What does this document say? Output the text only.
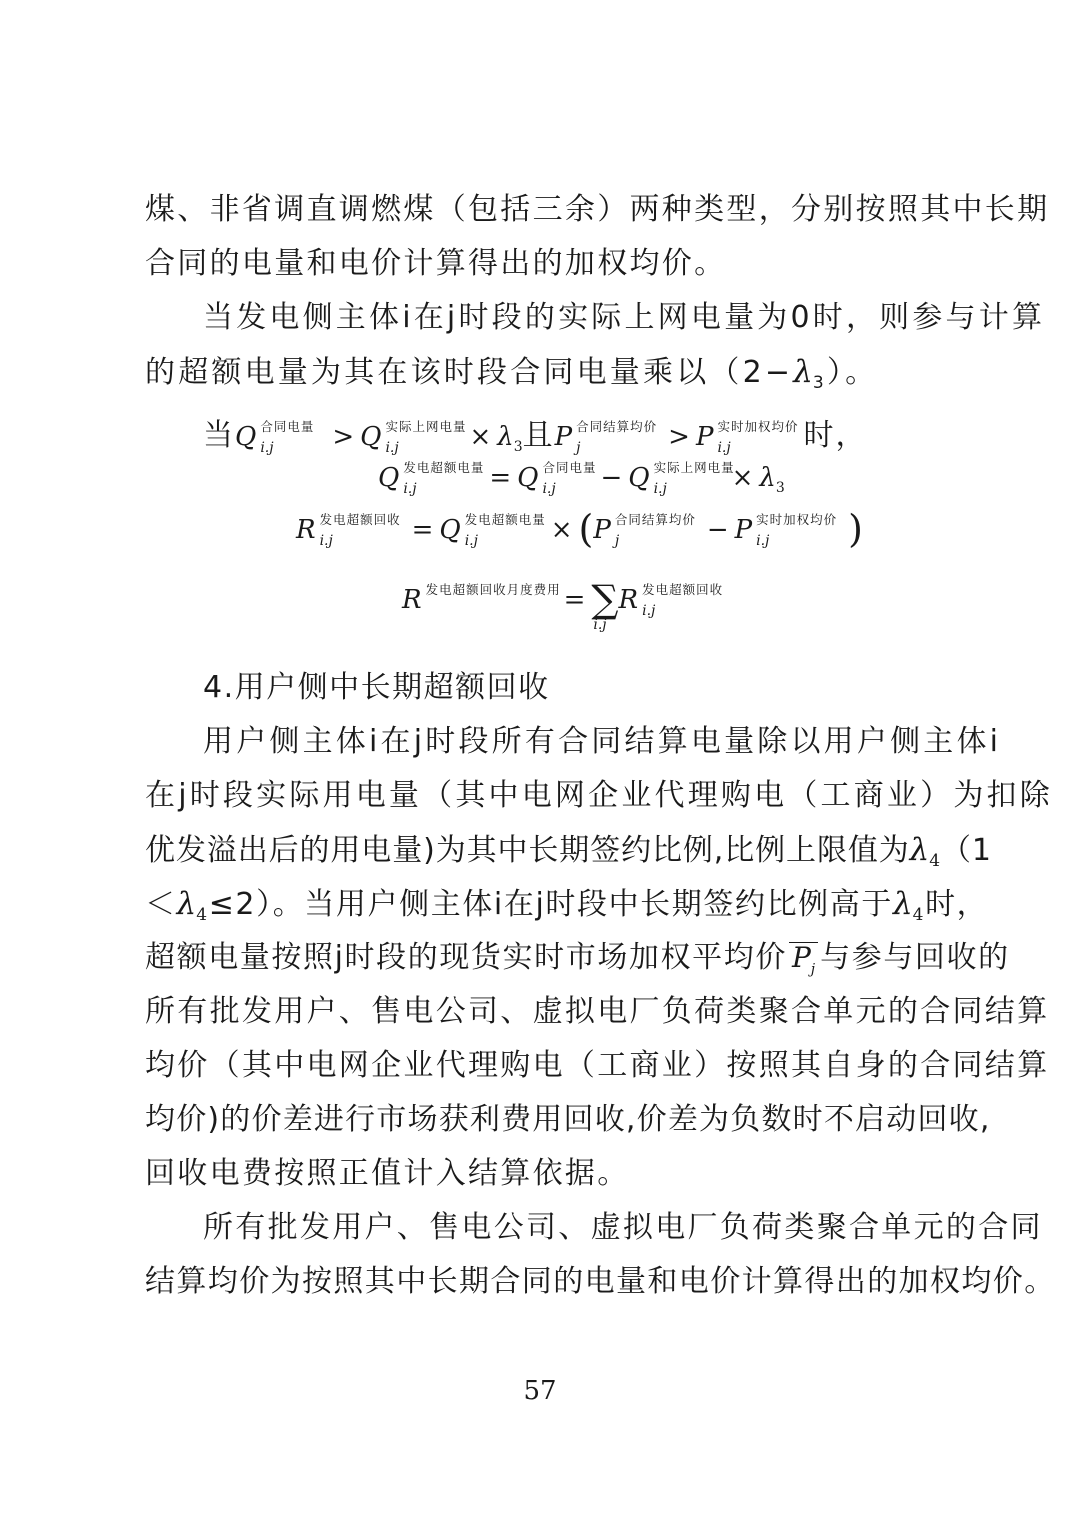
煤、非省调直调燃煤（包括三余）两种类型，分别按照其中长期
合同的电量和电价计算得出的加权均价。
当发电侧主体i在j时段的实际上网电量为0时，则参与计算
的超额电量为其在该时段合同电量乘以$(2-\lambda_3)$。
当Q 合同电量
i.j > Q 实际上网电量
i.j	× $\lambda_3$且P 合同结算均价
j	> P 实时加权均价
i.j 时，
Q 发电超额电量
i.j	= Q 合同电量
i.j − Q 实际上网电量
$i.j \times \lambda_3$
R 发电超额回收
i.j	= Q 发电超额电量
i.j	× (P 合同结算均价
j	− P 实时加权均价
i.j )
R 发电超额回收月度费用 = ∑
i.j
R 发电超额回收
i.j
4.用户侧中长期超额回收
用户侧主体i在j时段所有合同结算电量除以用户侧主体i
在j时段实际用电量（其中电网企业代理购电（工商业）为扣除
优发溢出后的用电量)为其中长期签约比例,比例上限值为$\lambda_4(1$
$<\lambda_4\le 2$）。当用户侧主体i在j时段中长期签约比例高于$\lambda_4$时，
超额电量按照j时段的现货实时市场加权平均价 $P_j$ 与参与回收的
所有批发用户、售电公司、虚拟电厂负荷类聚合单元的合同结算
均价（其中电网企业代理购电（工商业）按照其自身的合同结算
均价)的价差进行市场获利费用回收,价差为负数时不启动回收,
回收电费按照正值计入结算依据。
所有批发用户、售电公司、虚拟电厂负荷类聚合单元的合同
结算均价为按照其中长期合同的电量和电价计算得出的加权均价。
57
